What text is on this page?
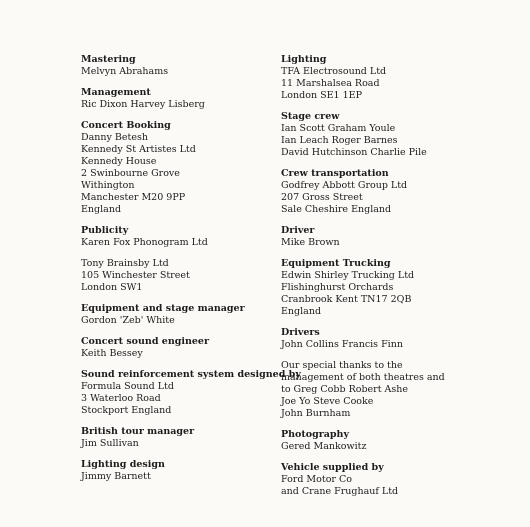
Mastering
Melvyn Abrahams
Management
Ric Dixon Harvey Lisberg
Concert Booking
Danny Betesh
Kennedy St Artistes Ltd
Kennedy House
2 Swinbourne Grove
Withington
Manchester M20 9PP
England
Publicity
Karen Fox Phonogram Ltd
Tony Brainsby Ltd
105 Winchester Street
London SW1
Equipment and stage manager
Gordon 'Zeb' White
Concert sound engineer
Keith Bessey
Sound reinforcement system designed by
Formula Sound Ltd
3 Waterloo Road
Stockport England
British tour manager
Jim Sullivan
Lighting design
Jimmy Barnett
Lighting
TFA Electrosound Ltd
11 Marshalsea Road
London SE1 1EP
Stage crew
Ian Scott Graham Youle
Ian Leach Roger Barnes
David Hutchinson Charlie Pile
Crew transportation
Godfrey Abbott Group Ltd
207 Gross Street
Sale Cheshire England
Driver
Mike Brown
Equipment Trucking
Edwin Shirley Trucking Ltd
Flishinghurst Orchards
Cranbrook Kent TN17 2QB
England
Drivers
John Collins Francis Finn
Our special thanks to the
management of both theatres and
to Greg Cobb Robert Ashe
Joe Yo Steve Cooke
John Burnham
Photography
Gered Mankowitz
Vehicle supplied by
Ford Motor Co
and Crane Frughauf Ltd
